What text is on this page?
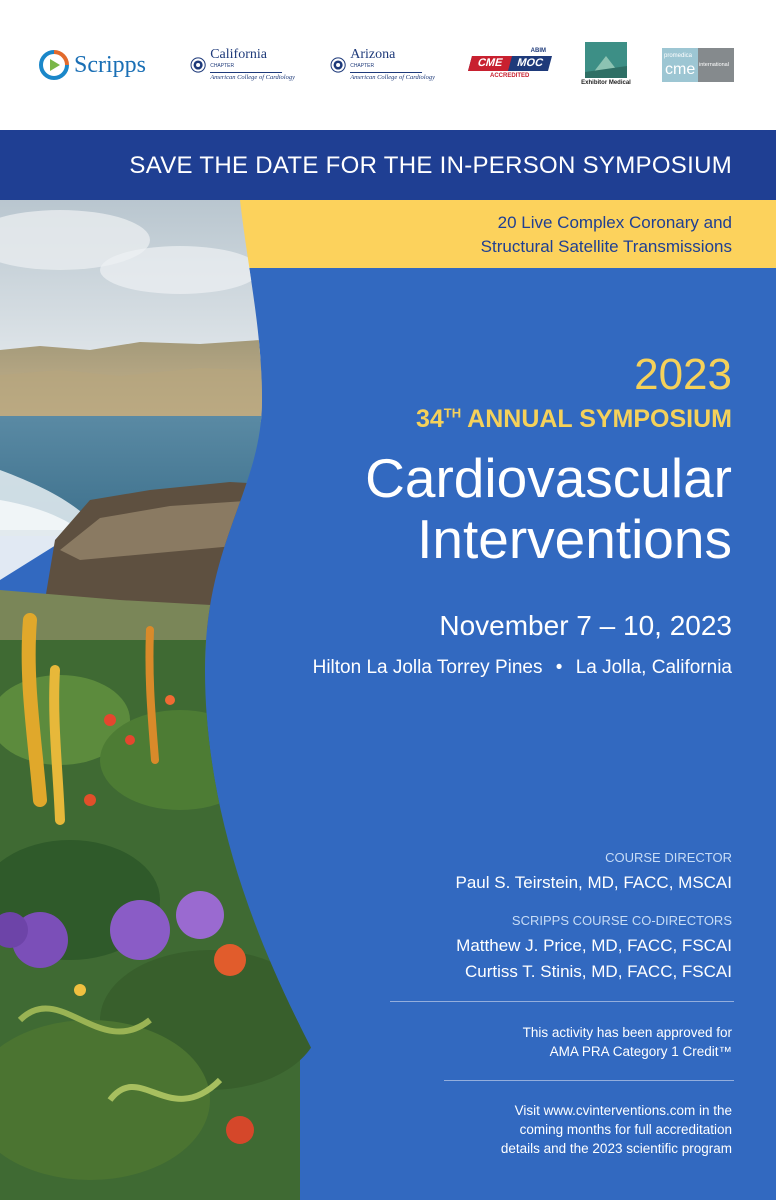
Scripps	California
CHAPTER
American College of Cardiology
Arizona
CHAPTER
American College of Cardiology
ABIM
CME	MOC
ACCREDITED
Exhibitor Medical
promedica
cme international
SAVE THE DATE FOR THE IN-PERSON SYMPOSIUM
20 Live Complex Coronary and
Structural Satellite Transmissions
2023
34TH ANNUAL SYMPOSIUM
Cardiovascular
Interventions
November 7 – 10, 2023
Hilton La Jolla Torrey Pines • La Jolla, California
COURSE DIRECTOR
Paul S. Teirstein, MD, FACC, MSCAI
SCRIPPS COURSE CO-DIRECTORS
Matthew J. Price, MD, FACC, FSCAI
Curtiss T. Stinis, MD, FACC, FSCAI
This activity has been approved for
AMA PRA Category 1 Credit™
Visit www.cvinterventions.com in the
coming months for full accreditation
details and the 2023 scientific program
